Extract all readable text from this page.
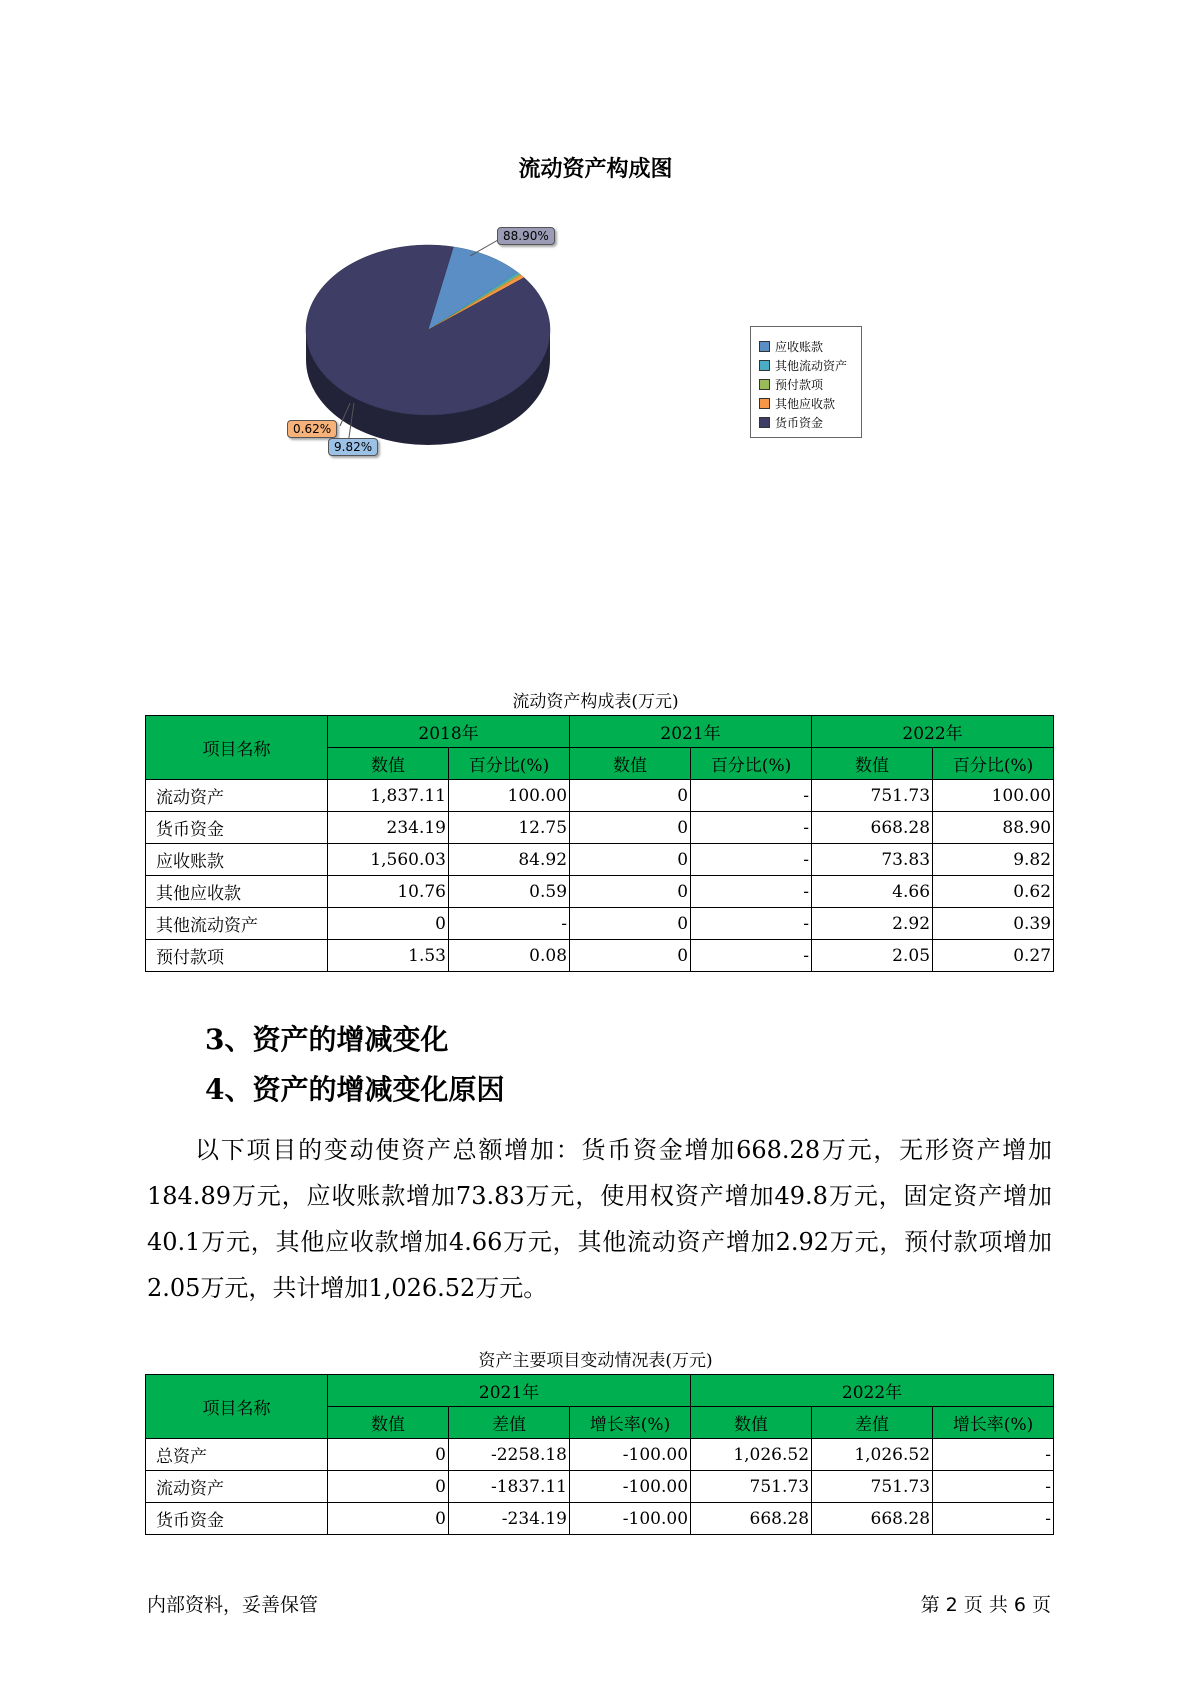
流动资产构成图
88.90%
0.62%
9.82%
应收账款
其他流动资产
预付款项
其他应收款
货币资金
流动资产构成表(万元)
项目名称	2018年		2021年		2022年	
	数值	百分比(%)	数值	百分比(%)	数值	百分比(%)
流动资产	1,837.11	100.00	0	-	751.73	100.00
货币资金	234.19	12.75	0	-	668.28	88.90
应收账款	1,560.03	84.92	0	-	73.83	9.82
其他应收款	10.76	0.59	0	-	4.66	0.62
其他流动资产	0	-	0	-	2.92	0.39
预付款项	1.53	0.08	0	-	2.05	0.27
3、资产的增减变化
4、资产的增减变化原因
以下项目的变动使资产总额增加：货币资金增加668.28万元，无形资产增加184.89万元，应收账款增加73.83万元，使用权资产增加49.8万元，固定资产增加40.1万元，其他应收款增加4.66万元，其他流动资产增加2.92万元，预付款项增加2.05万元，共计增加1,026.52万元。
资产主要项目变动情况表(万元)
项目名称	2021年			2022年		
	数值	差值	增长率(%)	数值	差值	增长率(%)
总资产	0	-2258.18	-100.00	1,026.52	1,026.52	-
流动资产	0	-1837.11	-100.00	751.73	751.73	-
货币资金	0	-234.19	-100.00	668.28	668.28	-
内部资料，妥善保管	第 2 页 共 6 页
